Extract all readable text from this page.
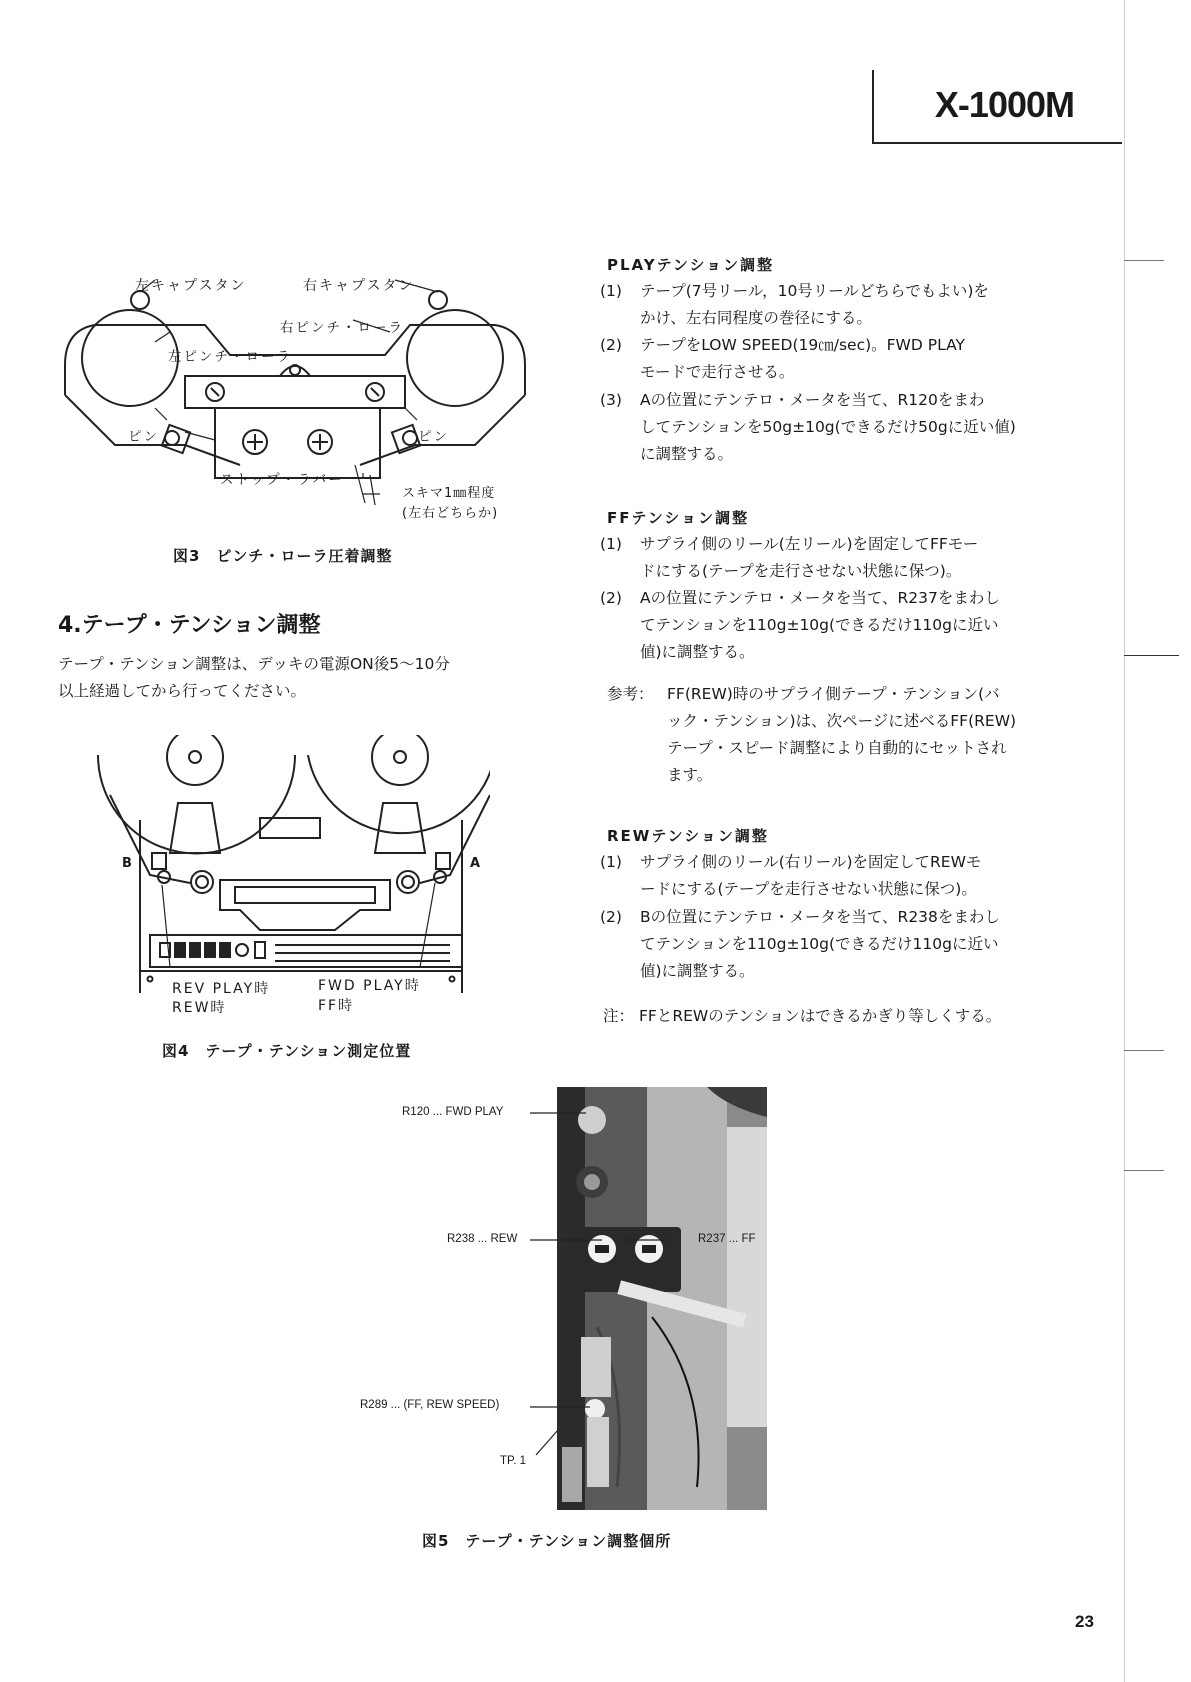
X-1000M
左キャプスタン	右キャプスタン
右ピンチ・ローラ
左ピンチ・ローラ
ピン	ピン
ストップ・ラバー
スキマ1㎜程度
(左右どちらか)
図3　ピンチ・ローラ圧着調整
4.テープ・テンション調整
テープ・テンション調整は、デッキの電源ON後5～10分
以上経過してから行ってください。
B	A
REV PLAY時
REW時
FWD PLAY時
FF時
図4　テープ・テンション測定位置
PLAYテンション調整
(1) テープ(7号リール，10号リールどちらでもよい)を
かけ、左右同程度の巻径にする。
(2) テープをLOW SPEED(19㎝/sec)。FWD PLAY
モードで走行させる。
(3) Aの位置にテンテロ・メータを当て、R120をまわ
してテンションを50g±10g(できるだけ50gに近い値)
に調整する。
FFテンション調整
(1) サプライ側のリール(左リール)を固定してFFモー
ドにする(テープを走行させない状態に保つ)。
(2) Aの位置にテンテロ・メータを当て、R237をまわし
てテンションを110g±10g(できるだけ110gに近い
値)に調整する。
参考： FF(REW)時のサプライ側テープ・テンション(バ
ック・テンション)は、次ページに述べるFF(REW)
テープ・スピード調整により自動的にセットされ
ます。
REWテンション調整
(1) サプライ側のリール(右リール)を固定してREWモ
ードにする(テープを走行させない状態に保つ)。
(2) Bの位置にテンテロ・メータを当て、R238をまわし
てテンションを110g±10g(できるだけ110gに近い
値)に調整する。
注： FFとREWのテンションはできるかぎり等しくする。
R120 ... FWD PLAY
R238 ... REW	R237 ... FF
R289 ... (FF, REW SPEED)
TP. 1
図5　テープ・テンション調整個所
23
